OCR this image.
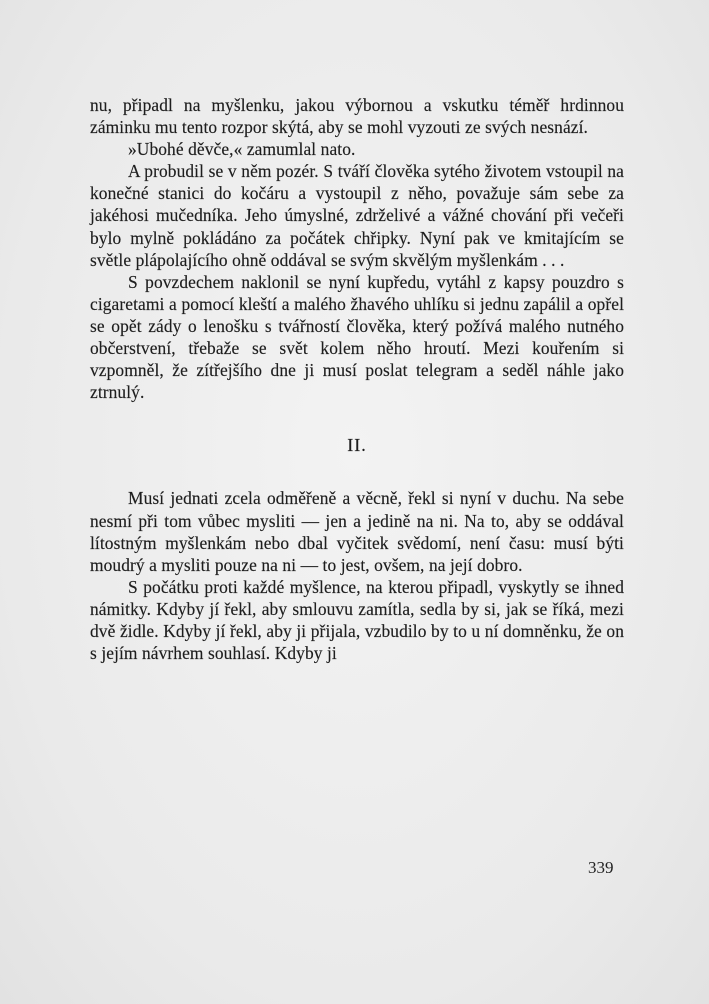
nu, připadl na myšlenku, jakou výbornou a vskutku téměř hrdinnou záminku mu tento rozpor skýtá, aby se mohl vyzouti ze svých nesnází.

»Ubohé děvče,« zamumlal nato.

A probudil se v něm pozér. S tváří člověka sytého životem vstoupil na konečné stanici do kočáru a vystoupil z něho, považuje sám sebe za jakéhosi mučedníka. Jeho úmyslné, zdrželivé a vážné chování při večeři bylo mylně pokládáno za počátek chřipky. Nyní pak ve kmitajícím se světle plápolajícího ohně oddával se svým skvělým myšlenkám . . .

S povzdechem naklonil se nyní kupředu, vytáhl z kapsy pouzdro s cigaretami a pomocí kleští a malého žhavého uhlíku si jednu zapálil a opřel se opět zády o lenošku s tvářností člověka, který požívá malého nutného občerstvení, třebaže se svět kolem něho hroutí. Mezi kouřením si vzpomněl, že zítřejšího dne ji musí poslat telegram a seděl náhle jako ztrnulý.

II.

Musí jednati zcela odměřeně a věcně, řekl si nyní v duchu. Na sebe nesmí při tom vůbec mysliti — jen a jedině na ni. Na to, aby se oddával lítostným myšlenkám nebo dbal vyčitek svědomí, není času: musí býti moudrý a mysliti pouze na ni — to jest, ovšem, na její dobro.

S počátku proti každé myšlence, na kterou připadl, vyskytly se ihned námitky. Kdyby jí řekl, aby smlouvu zamítla, sedla by si, jak se říká, mezi dvě židle. Kdyby jí řekl, aby ji přijala, vzbudilo by to u ní domněnku, že on s jejím návrhem souhlasí. Kdyby ji

339
